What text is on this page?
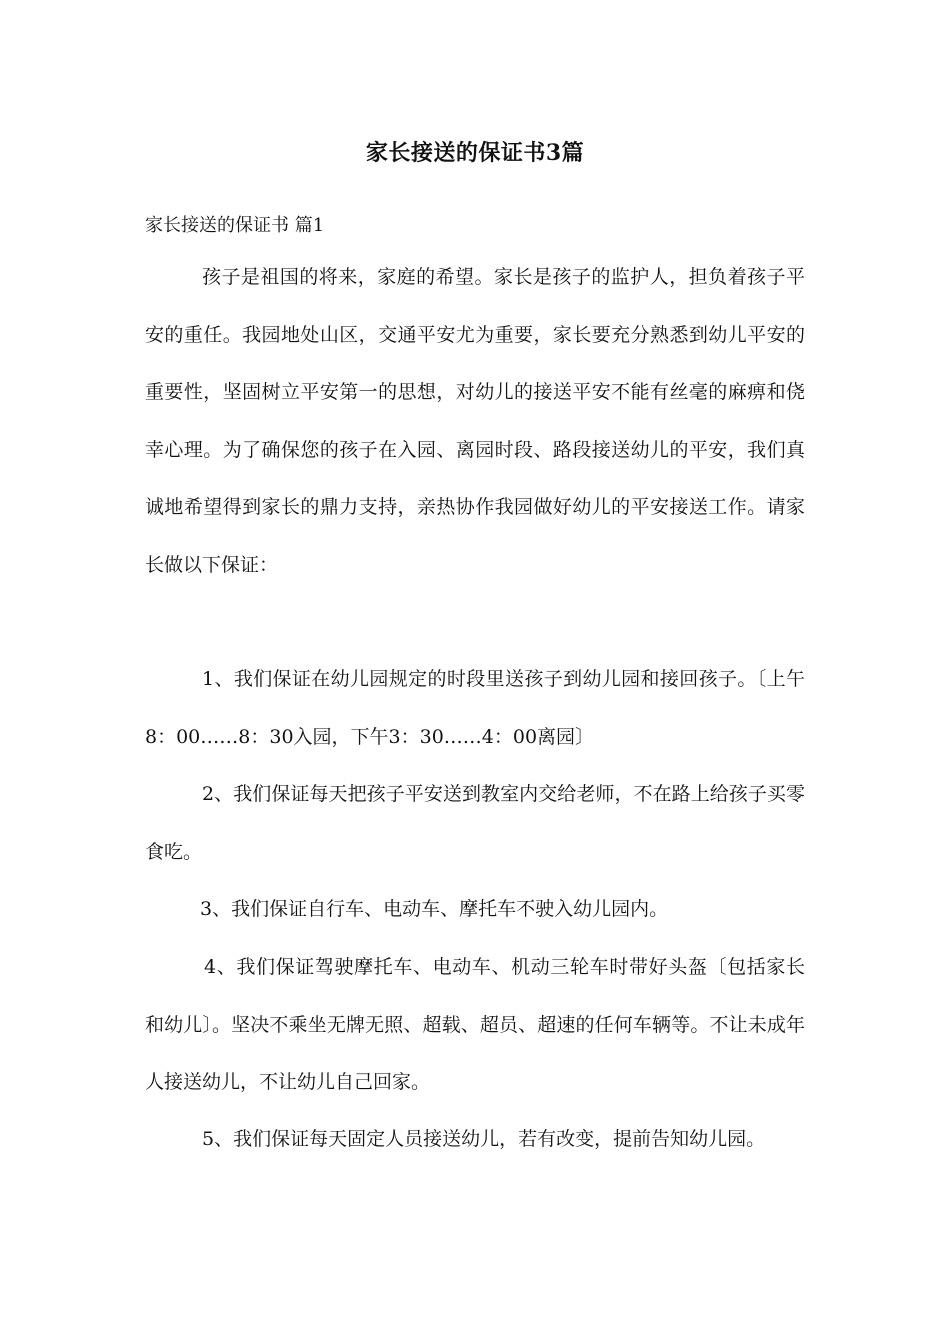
家长接送的保证书3篇
家长接送的保证书 篇1

孩子是祖国的将来，家庭的希望。家长是孩子的监护人，担负着孩子平安的重任。我园地处山区，交通平安尤为重要，家长要充分熟悉到幼儿平安的重要性，坚固树立平安第一的思想，对幼儿的接送平安不能有丝毫的麻痹和侥幸心理。为了确保您的孩子在入园、离园时段、路段接送幼儿的平安，我们真诚地希望得到家长的鼎力支持，亲热协作我园做好幼儿的平安接送工作。请家长做以下保证：

1、我们保证在幼儿园规定的时段里送孩子到幼儿园和接回孩子。〔上午8：00……8：30入园，下午3：30……4：00离园〕

2、我们保证每天把孩子平安送到教室内交给老师，不在路上给孩子买零食吃。

3、我们保证自行车、电动车、摩托车不驶入幼儿园内。

4、我们保证驾驶摩托车、电动车、机动三轮车时带好头盔〔包括家长和幼儿〕。坚决不乘坐无牌无照、超载、超员、超速的任何车辆等。不让未成年人接送幼儿，不让幼儿自己回家。

5、我们保证每天固定人员接送幼儿，若有改变，提前告知幼儿园。
